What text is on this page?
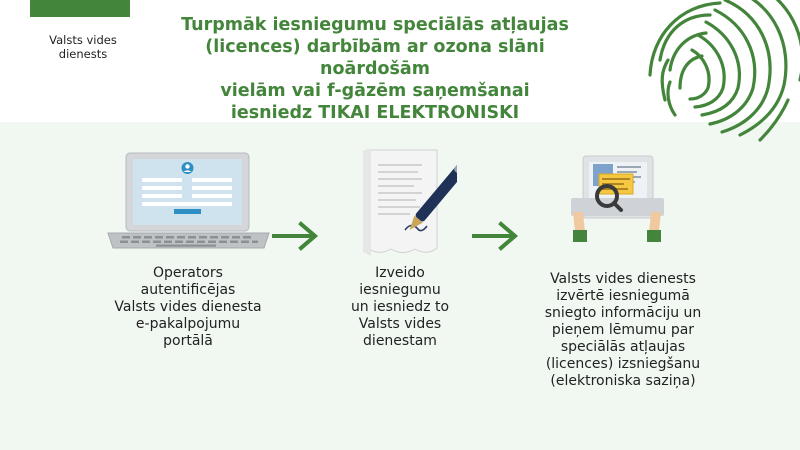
Valsts vides
dienests
Turpmāk iesniegumu speciālās atļaujas
(licences) darbībām ar ozona slāni noārdošām
vielām vai f-gāzēm saņemšanai
iesniedz TIKAI ELEKTRONISKI
Operators
autentificējas
Valsts vides dienesta
e-pakalpojumu
portālā
Izveido
iesniegumu
un iesniedz to
Valsts vides
dienestam
Valsts vides dienests
izvērtē iesniegumā
sniegto informāciju un
pieņem lēmumu par
speciālās atļaujas
(licences) izsniegšanu
(elektroniska saziņa)
